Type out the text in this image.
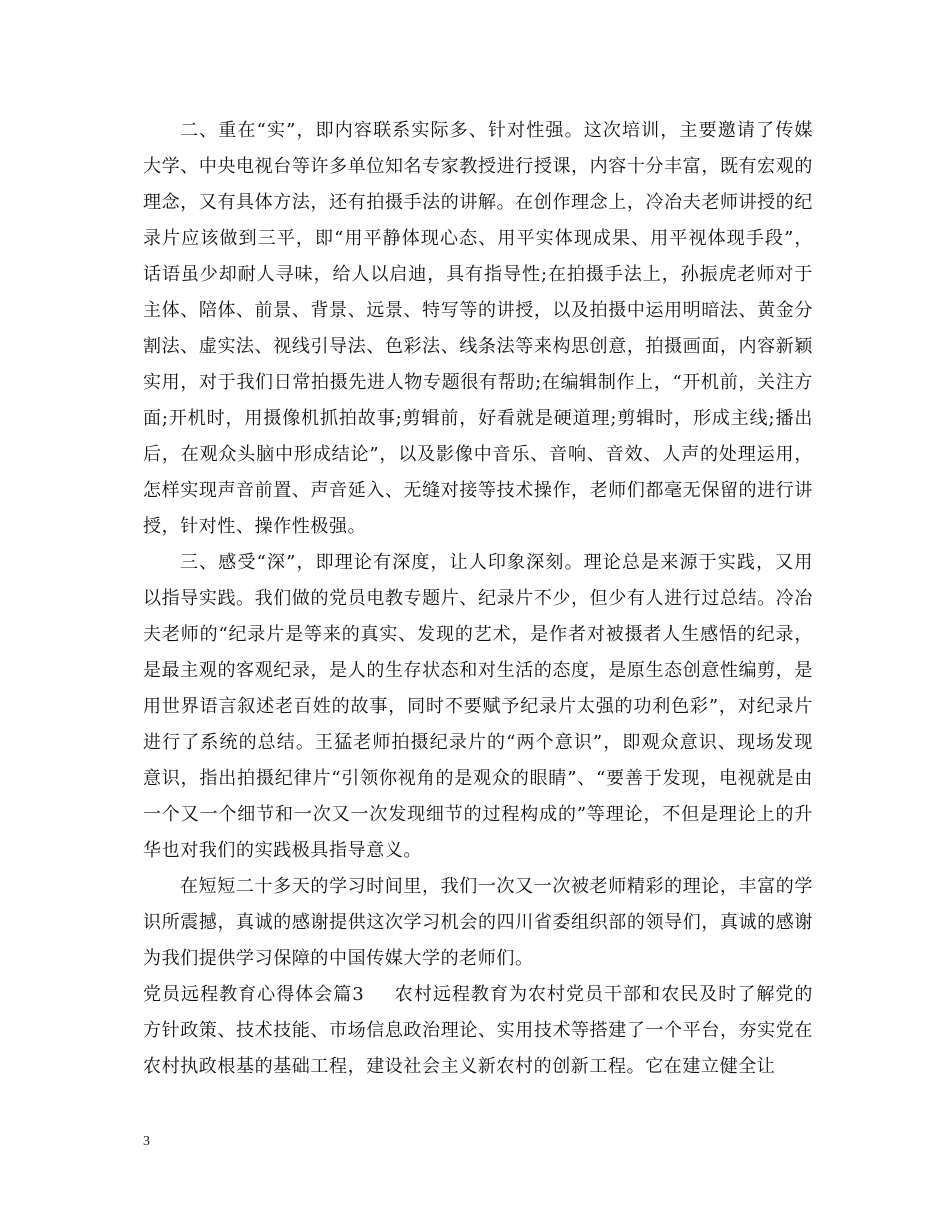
二、重在“实”，即内容联系实际多、针对性强。这次培训，主要邀请了传媒大学、中央电视台等许多单位知名专家教授进行授课，内容十分丰富，既有宏观的理念，又有具体方法，还有拍摄手法的讲解。在创作理念上，冷冶夫老师讲授的纪录片应该做到三平，即“用平静体现心态、用平实体现成果、用平视体现手段”，话语虽少却耐人寻味，给人以启迪，具有指导性;在拍摄手法上，孙振虎老师对于主体、陪体、前景、背景、远景、特写等的讲授，以及拍摄中运用明暗法、黄金分割法、虚实法、视线引导法、色彩法、线条法等来构思创意，拍摄画面，内容新颖实用，对于我们日常拍摄先进人物专题很有帮助;在编辑制作上，“开机前，关注方面;开机时，用摄像机抓拍故事;剪辑前，好看就是硬道理;剪辑时，形成主线;播出后，在观众头脑中形成结论”，以及影像中音乐、音响、音效、人声的处理运用，怎样实现声音前置、声音延入、无缝对接等技术操作，老师们都毫无保留的进行讲授，针对性、操作性极强。

三、感受“深”，即理论有深度，让人印象深刻。理论总是来源于实践，又用以指导实践。我们做的党员电教专题片、纪录片不少，但少有人进行过总结。冷冶夫老师的“纪录片是等来的真实、发现的艺术，是作者对被摄者人生感悟的纪录，是最主观的客观纪录，是人的生存状态和对生活的态度，是原生态创意性编剪，是用世界语言叙述老百姓的故事，同时不要赋予纪录片太强的功利色彩”，对纪录片进行了系统的总结。王猛老师拍摄纪录片的“两个意识”，即观众意识、现场发现意识，指出拍摄纪律片“引领你视角的是观众的眼睛”、“要善于发现，电视就是由一个又一个细节和一次又一次发现细节的过程构成的”等理论，不但是理论上的升华也对我们的实践极具指导意义。

在短短二十多天的学习时间里，我们一次又一次被老师精彩的理论，丰富的学识所震撼，真诚的感谢提供这次学习机会的四川省委组织部的领导们，真诚的感谢为我们提供学习保障的中国传媒大学的老师们。

党员远程教育心得体会篇3 农村远程教育为农村党员干部和农民及时了解党的方针政策、技术技能、市场信息政治理论、实用技术等搭建了一个平台，夯实党在农村执政根基的基础工程，建设社会主义新农村的创新工程。它在建立健全让

3
